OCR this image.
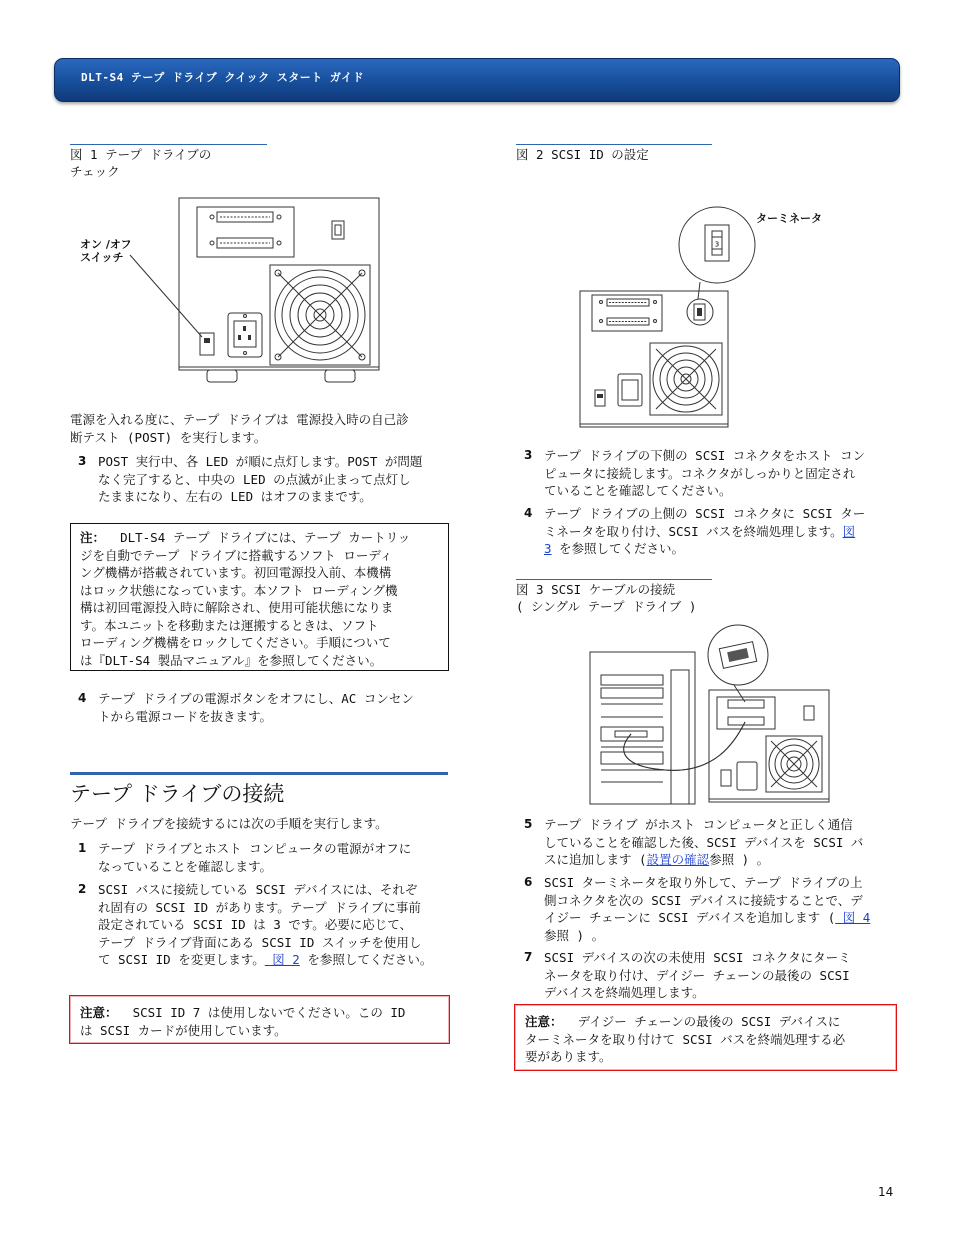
DLT-S4 テープ ドライブ クイック スタート ガイド
図 1 テープ ドライブの
チェック
オン /オフ
スイッチ
電源を入れる度に、テープ ドライブは 電源投入時の自己診
断テスト (POST) を実行します。
3 POST 実行中、各 LED が順に点灯します。POST が問題
なく完了すると、中央の LED の点滅が止まって点灯し
たままになり、左右の LED はオフのままです。
注： DLT-S4 テープ ドライブには、テープ カートリッ
ジを自動でテープ ドライブに搭載するソフト ローディ
ング機構が搭載されています。初回電源投入前、本機構
はロック状態になっています。本ソフト ローディング機
構は初回電源投入時に解除され、使用可能状態になりま
す。本ユニットを移動または運搬するときは、ソフト
ローディング機構をロックしてください。手順について
は『DLT-S4 製品マニュアル』を参照してください。
4 テープ ドライブの電源ボタンをオフにし、AC コンセン
トから電源コードを抜きます。
テープ ドライブの接続
テープ ドライブを接続するには次の手順を実行します。
1 テープ ドライブとホスト コンピュータの電源がオフに
なっていることを確認します。
2 SCSI バスに接続している SCSI デバイスには、それぞ
れ固有の SCSI ID があります。テープ ドライブに事前
設定されている SCSI ID は 3 です。必要に応じて、
テープ ドライブ背面にある SCSI ID スイッチを使用し
て SCSI ID を変更します。 図 2 を参照してください。
注意： SCSI ID 7 は使用しないでください。この ID
は SCSI カードが使用しています。
図 2 SCSI ID の設定
3
ターミネータ
3 テープ ドライブの下側の SCSI コネクタをホスト コン
ピュータに接続します。コネクタがしっかりと固定され
ていることを確認してください。
4 テープ ドライブの上側の SCSI コネクタに SCSI ター
ミネータを取り付け、SCSI バスを終端処理します。図
3 を参照してください。
図 3 SCSI ケーブルの接続
( シングル テープ ドライブ )
5 テープ ドライブ がホスト コンピュータと正しく通信
していることを確認した後、SCSI デバイスを SCSI バ
スに追加します (設置の確認参照 ) 。
6 SCSI ターミネータを取り外して、テープ ドライブの上
側コネクタを次の SCSI デバイスに接続することで、デ
イジー チェーンに SCSI デバイスを追加します ( 図 4
参照 ) 。
7 SCSI デバイスの次の未使用 SCSI コネクタにターミ
ネータを取り付け、デイジー チェーンの最後の SCSI
デバイスを終端処理します。
注意： デイジー チェーンの最後の SCSI デバイスに
ターミネータを取り付けて SCSI バスを終端処理する必
要があります。
14
